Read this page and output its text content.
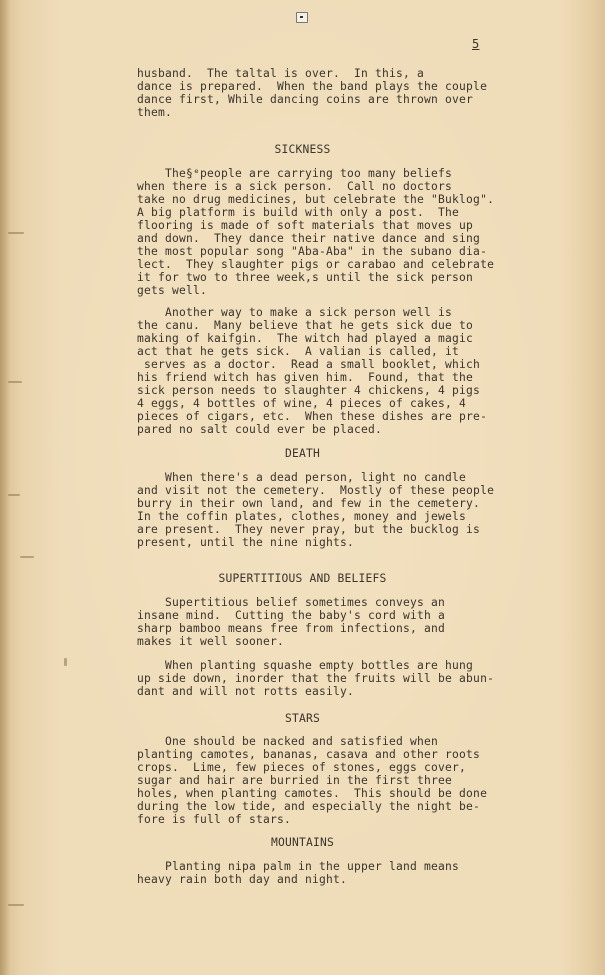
5
husband.  The taltal is over.  In this, a
dance is prepared.  When the band plays the couple
dance first, While dancing coins are thrown over
them.
SICKNESS
The§ᵉpeople are carrying too many beliefs
when there is a sick person.  Call no doctors
take no drug medicines, but celebrate the "Buklog".
A big platform is build with only a post.  The
flooring is made of soft materials that moves up
and down.  They dance their native dance and sing
the most popular song "Aba-Aba" in the subano dia-
lect.  They slaughter pigs or carabao and celebrate
it for two to three week,s until the sick person
gets well.
Another way to make a sick person well is
the canu.  Many believe that he gets sick due to
making of kaifgin.  The witch had played a magic
act that he gets sick.  A valian is called, it
serves as a doctor.  Read a small booklet, which
his friend witch has given him.  Found, that the
sick person needs to slaughter 4 chickens, 4 pigs
4 eggs, 4 bottles of wine, 4 pieces of cakes, 4
pieces of cigars, etc.  When these dishes are pre-
pared no salt could ever be placed.
DEATH
When there's a dead person, light no candle
and visit not the cemetery.  Mostly of these people
burry in their own land, and few in the cemetery.
In the coffin plates, clothes, money and jewels
are present.  They never pray, but the bucklog is
present, until the nine nights.
SUPERTITIOUS AND BELIEFS
Supertitious belief sometimes conveys an
insane mind.  Cutting the baby's cord with a
sharp bamboo means free from infections, and
makes it well sooner.
When planting squashe empty bottles are hung
up side down, inorder that the fruits will be abun-
dant and will not rotts easily.
STARS
One should be nacked and satisfied when
planting camotes, bananas, casava and other roots
crops.  Lime, few pieces of stones, eggs cover,
sugar and hair are burried in the first three
holes, when planting camotes.  This should be done
during the low tide, and especially the night be-
fore is full of stars.
MOUNTAINS
Planting nipa palm in the upper land means
heavy rain both day and night.
